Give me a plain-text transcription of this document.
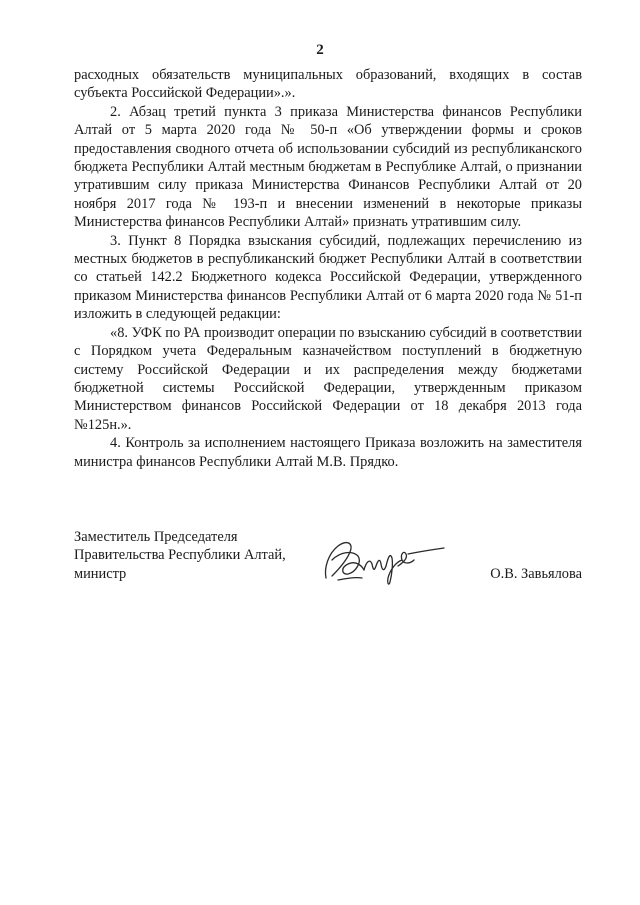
2

расходных обязательств муниципальных образований, входящих в состав субъекта Российской Федерации».».

2. Абзац третий пункта 3 приказа Министерства финансов Республики Алтай от 5 марта 2020 года № 50-п «Об утверждении формы и сроков предоставления сводного отчета об использовании субсидий из республиканского бюджета Республики Алтай местным бюджетам в Республике Алтай, о признании утратившим силу приказа Министерства Финансов Республики Алтай от 20 ноября 2017 года № 193-п и внесении изменений в некоторые приказы Министерства финансов Республики Алтай» признать утратившим силу.

3. Пункт 8 Порядка взыскания субсидий, подлежащих перечислению из местных бюджетов в республиканский бюджет Республики Алтай в соответствии со статьей 142.2 Бюджетного кодекса Российской Федерации, утвержденного приказом Министерства финансов Республики Алтай от 6 марта 2020 года № 51-п изложить в следующей редакции:

«8. УФК по РА производит операции по взысканию субсидий в соответствии с Порядком учета Федеральным казначейством поступлений в бюджетную систему Российской Федерации и их распределения между бюджетами бюджетной системы Российской Федерации, утвержденным приказом Министерством финансов Российской Федерации от 18 декабря 2013 года №125н.».

4. Контроль за исполнением настоящего Приказа возложить на заместителя министра финансов Республики Алтай М.В. Прядко.

Заместитель Председателя
Правительства Республики Алтай,
министр	О.В. Завьялова
